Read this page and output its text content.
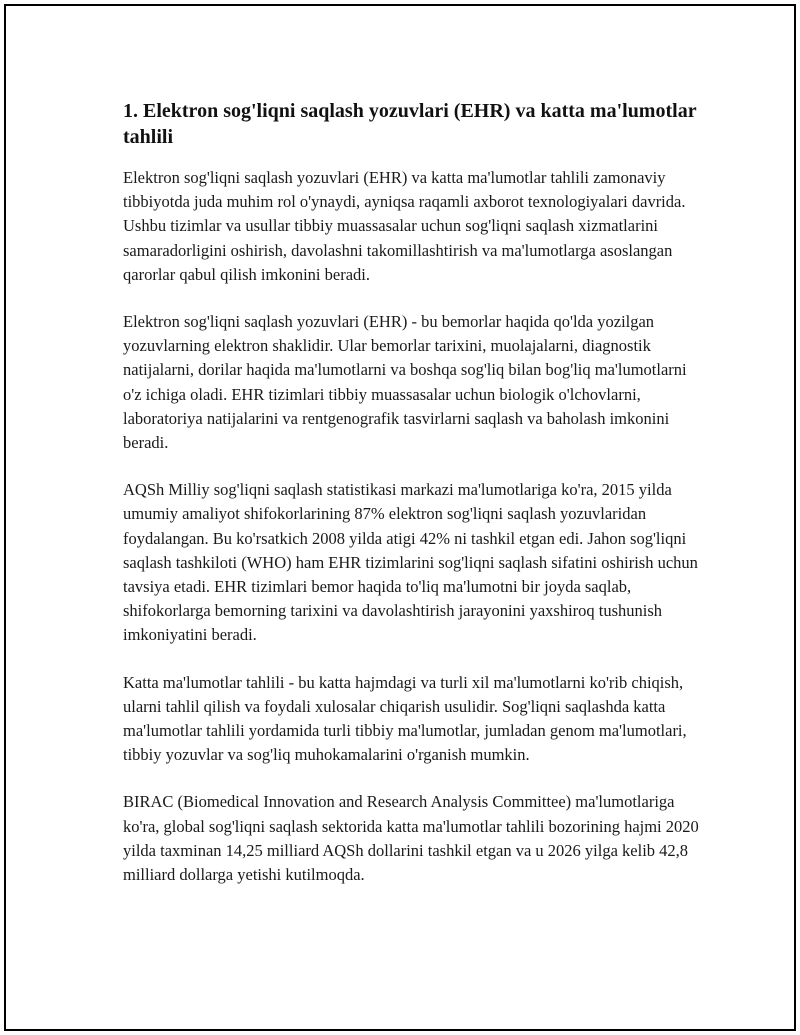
1. Elektron sog'liqni saqlash yozuvlari (EHR) va katta ma'lumotlar tahlili

Elektron sog'liqni saqlash yozuvlari (EHR) va katta ma'lumotlar tahlili zamonaviy tibbiyotda juda muhim rol o'ynaydi, ayniqsa raqamli axborot texnologiyalari davrida. Ushbu tizimlar va usullar tibbiy muassasalar uchun sog'liqni saqlash xizmatlarini samaradorligini oshirish, davolashni takomillashtirish va ma'lumotlarga asoslangan qarorlar qabul qilish imkonini beradi.

Elektron sog'liqni saqlash yozuvlari (EHR) - bu bemorlar haqida qo'lda yozilgan yozuvlarning elektron shaklidir. Ular bemorlar tarixini, muolajalarni, diagnostik natijalarni, dorilar haqida ma'lumotlarni va boshqa sog'liq bilan bog'liq ma'lumotlarni o'z ichiga oladi. EHR tizimlari tibbiy muassasalar uchun biologik o'lchovlarni, laboratoriya natijalarini va rentgenografik tasvirlarni saqlash va baholash imkonini beradi.

AQSh Milliy sog'liqni saqlash statistikasi markazi ma'lumotlariga ko'ra, 2015 yilda umumiy amaliyot shifokorlarining 87% elektron sog'liqni saqlash yozuvlaridan foydalangan. Bu ko'rsatkich 2008 yilda atigi 42% ni tashkil etgan edi. Jahon sog'liqni saqlash tashkiloti (WHO) ham EHR tizimlarini sog'liqni saqlash sifatini oshirish uchun tavsiya etadi. EHR tizimlari bemor haqida to'liq ma'lumotni bir joyda saqlab, shifokorlarga bemorning tarixini va davolashtirish jarayonini yaxshiroq tushunish imkoniyatini beradi.

Katta ma'lumotlar tahlili - bu katta hajmdagi va turli xil ma'lumotlarni ko'rib chiqish, ularni tahlil qilish va foydali xulosalar chiqarish usulidir. Sog'liqni saqlashda katta ma'lumotlar tahlili yordamida turli tibbiy ma'lumotlar, jumladan genom ma'lumotlari, tibbiy yozuvlar va sog'liq muhokamalarini o'rganish mumkin.

BIRAC (Biomedical Innovation and Research Analysis Committee) ma'lumotlariga ko'ra, global sog'liqni saqlash sektorida katta ma'lumotlar tahlili bozorining hajmi 2020 yilda taxminan 14,25 milliard AQSh dollarini tashkil etgan va u 2026 yilga kelib 42,8 milliard dollarga yetishi kutilmoqda.
